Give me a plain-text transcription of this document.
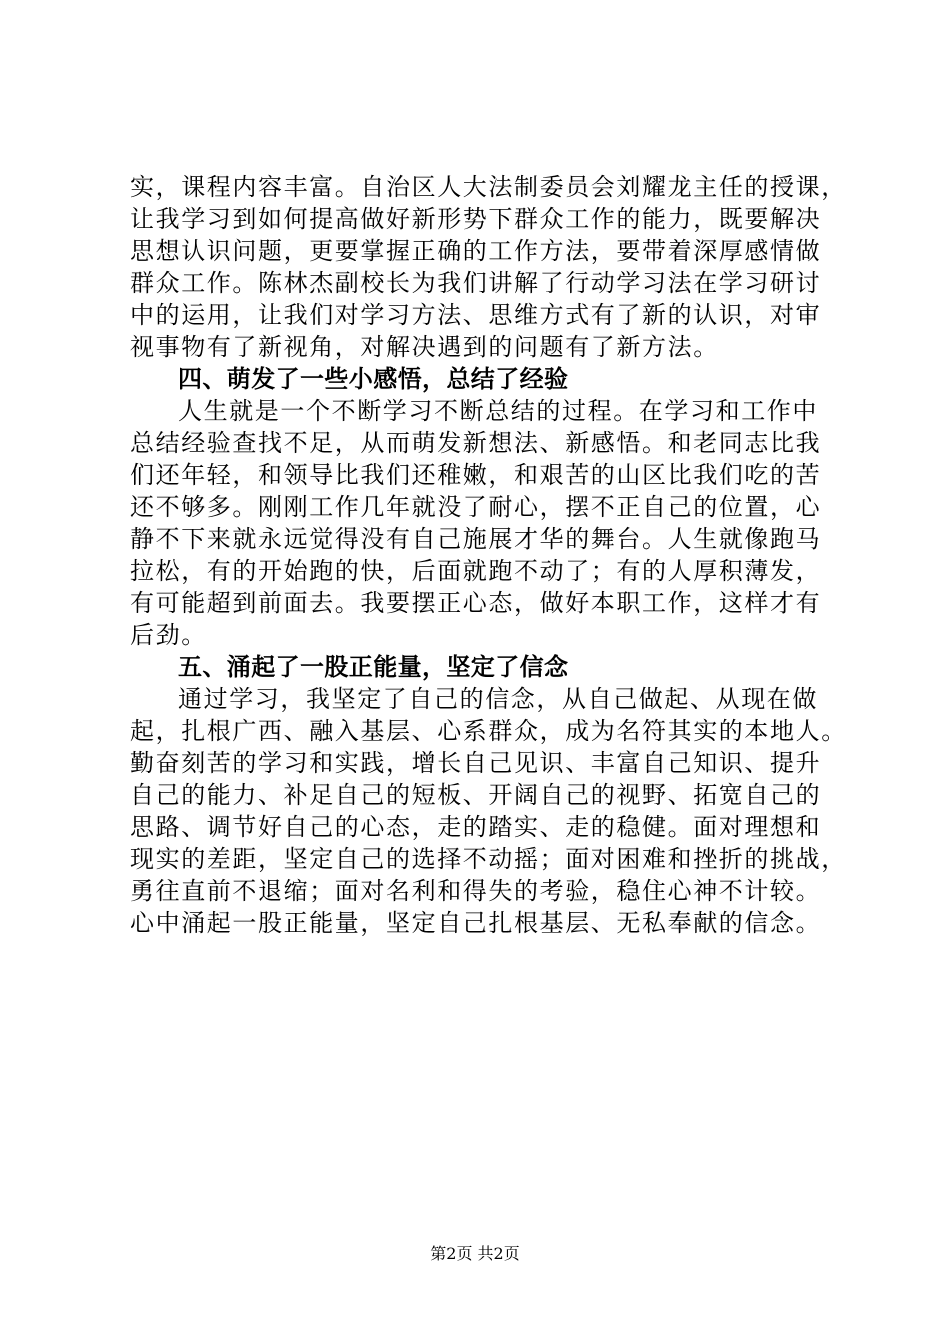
实，课程内容丰富。自治区人大法制委员会刘耀龙主任的授课，
让我学习到如何提高做好新形势下群众工作的能力，既要解决
思想认识问题，更要掌握正确的工作方法，要带着深厚感情做
群众工作。陈林杰副校长为我们讲解了行动学习法在学习研讨
中的运用，让我们对学习方法、思维方式有了新的认识，对审
视事物有了新视角，对解决遇到的问题有了新方法。
四、萌发了一些小感悟，总结了经验
人生就是一个不断学习不断总结的过程。在学习和工作中
总结经验查找不足，从而萌发新想法、新感悟。和老同志比我
们还年轻，和领导比我们还稚嫩，和艰苦的山区比我们吃的苦
还不够多。刚刚工作几年就没了耐心，摆不正自己的位置，心
静不下来就永远觉得没有自己施展才华的舞台。人生就像跑马
拉松，有的开始跑的快，后面就跑不动了；有的人厚积薄发，
有可能超到前面去。我要摆正心态，做好本职工作，这样才有
后劲。
五、涌起了一股正能量，坚定了信念
通过学习，我坚定了自己的信念，从自己做起、从现在做
起，扎根广西、融入基层、心系群众，成为名符其实的本地人。
勤奋刻苦的学习和实践，增长自己见识、丰富自己知识、提升
自己的能力、补足自己的短板、开阔自己的视野、拓宽自己的
思路、调节好自己的心态，走的踏实、走的稳健。面对理想和
现实的差距，坚定自己的选择不动摇；面对困难和挫折的挑战，
勇往直前不退缩；面对名利和得失的考验，稳住心神不计较。
心中涌起一股正能量，坚定自己扎根基层、无私奉献的信念。
第2页 共2页
